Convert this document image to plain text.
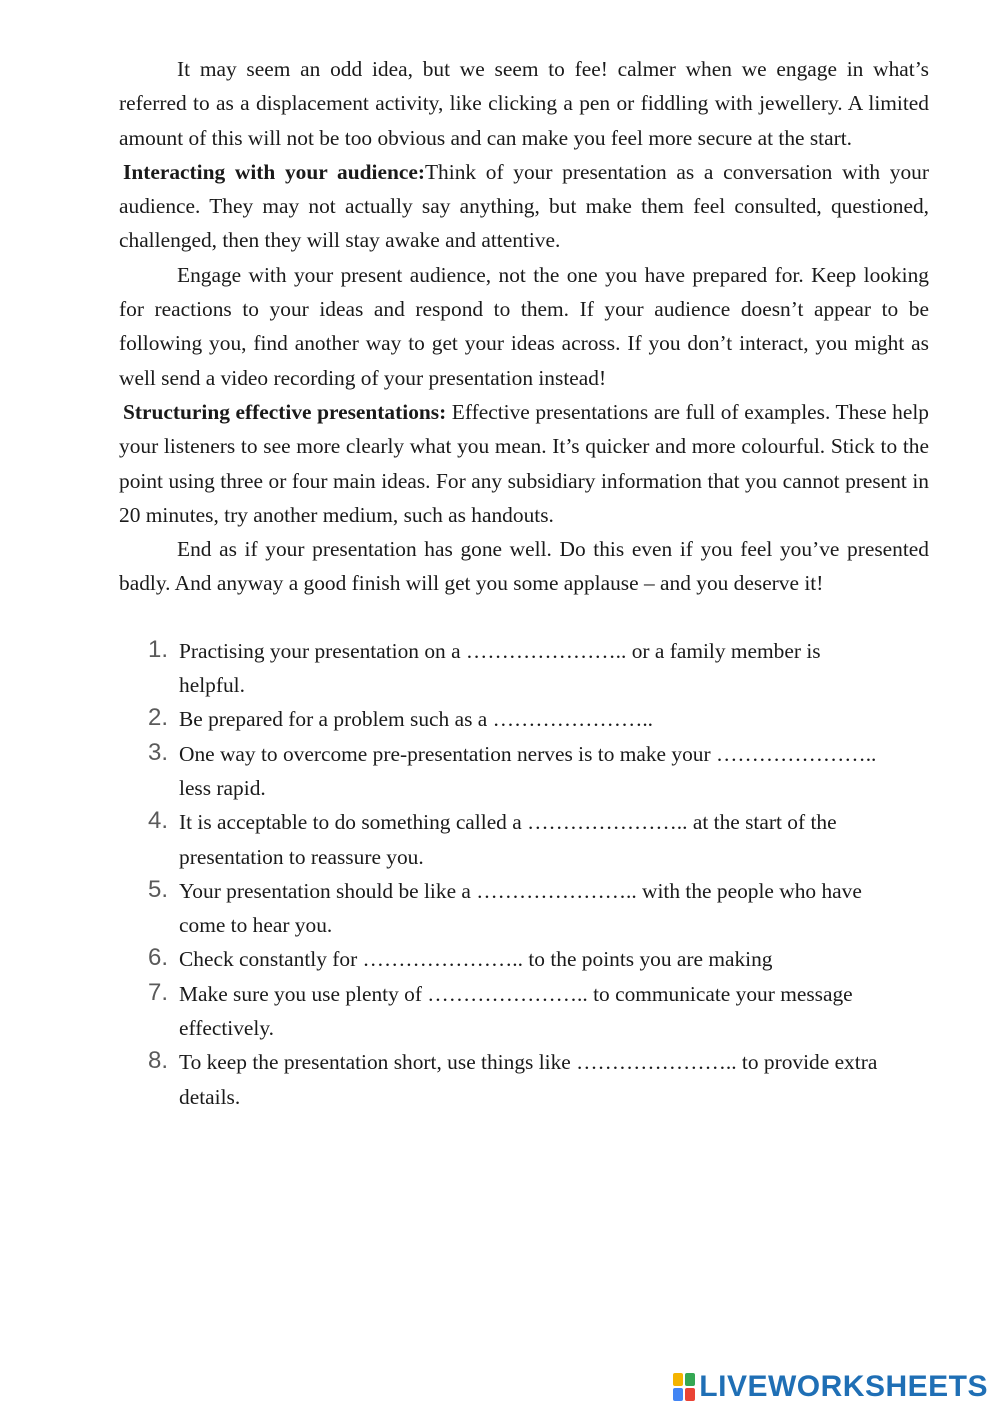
It may seem an odd idea, but we seem to fee! calmer when we engage in what’s referred to as a displacement activity, like clicking a pen or fiddling with jewellery. A limited amount of this will not be too obvious and can make you feel more secure at the start.

Interacting with your audience:Think of your presentation as a conversation with your audience. They may not actually say anything, but make them feel consulted, questioned, challenged, then they will stay awake and attentive.

Engage with your present audience, not the one you have prepared for. Keep looking for reactions to your ideas and respond to them. If your audience doesn’t appear to be following you, find another way to get your ideas across. If you don’t interact, you might as well send a video recording of your presentation instead!

Structuring effective presentations: Effective presentations are full of examples. These help your listeners to see more clearly what you mean. It’s quicker and more colourful. Stick to the point using three or four main ideas. For any subsidiary information that you cannot present in 20 minutes, try another medium, such as handouts.

End as if your presentation has gone well. Do this even if you feel you’ve presented badly. And anyway a good finish will get you some applause – and you deserve it!

1 . Practising your presentation on a ………………….. or a family member is helpful.
2 . Be prepared for a problem such as a …………………..
3 . One way to overcome pre-presentation nerves is to make your ………………….. less rapid.
4 . It is acceptable to do something called a ………………….. at the start of the presentation to reassure you.
5 . Your presentation should be like a ………………….. with the people who have come to hear you.
6 . Check constantly for ………………….. to the points you are making
7 . Make sure you use plenty of ………………….. to communicate your message effectively.
8 . To keep the presentation short, use things like ………………….. to provide extra details.
LIVEWORKSHEETS
